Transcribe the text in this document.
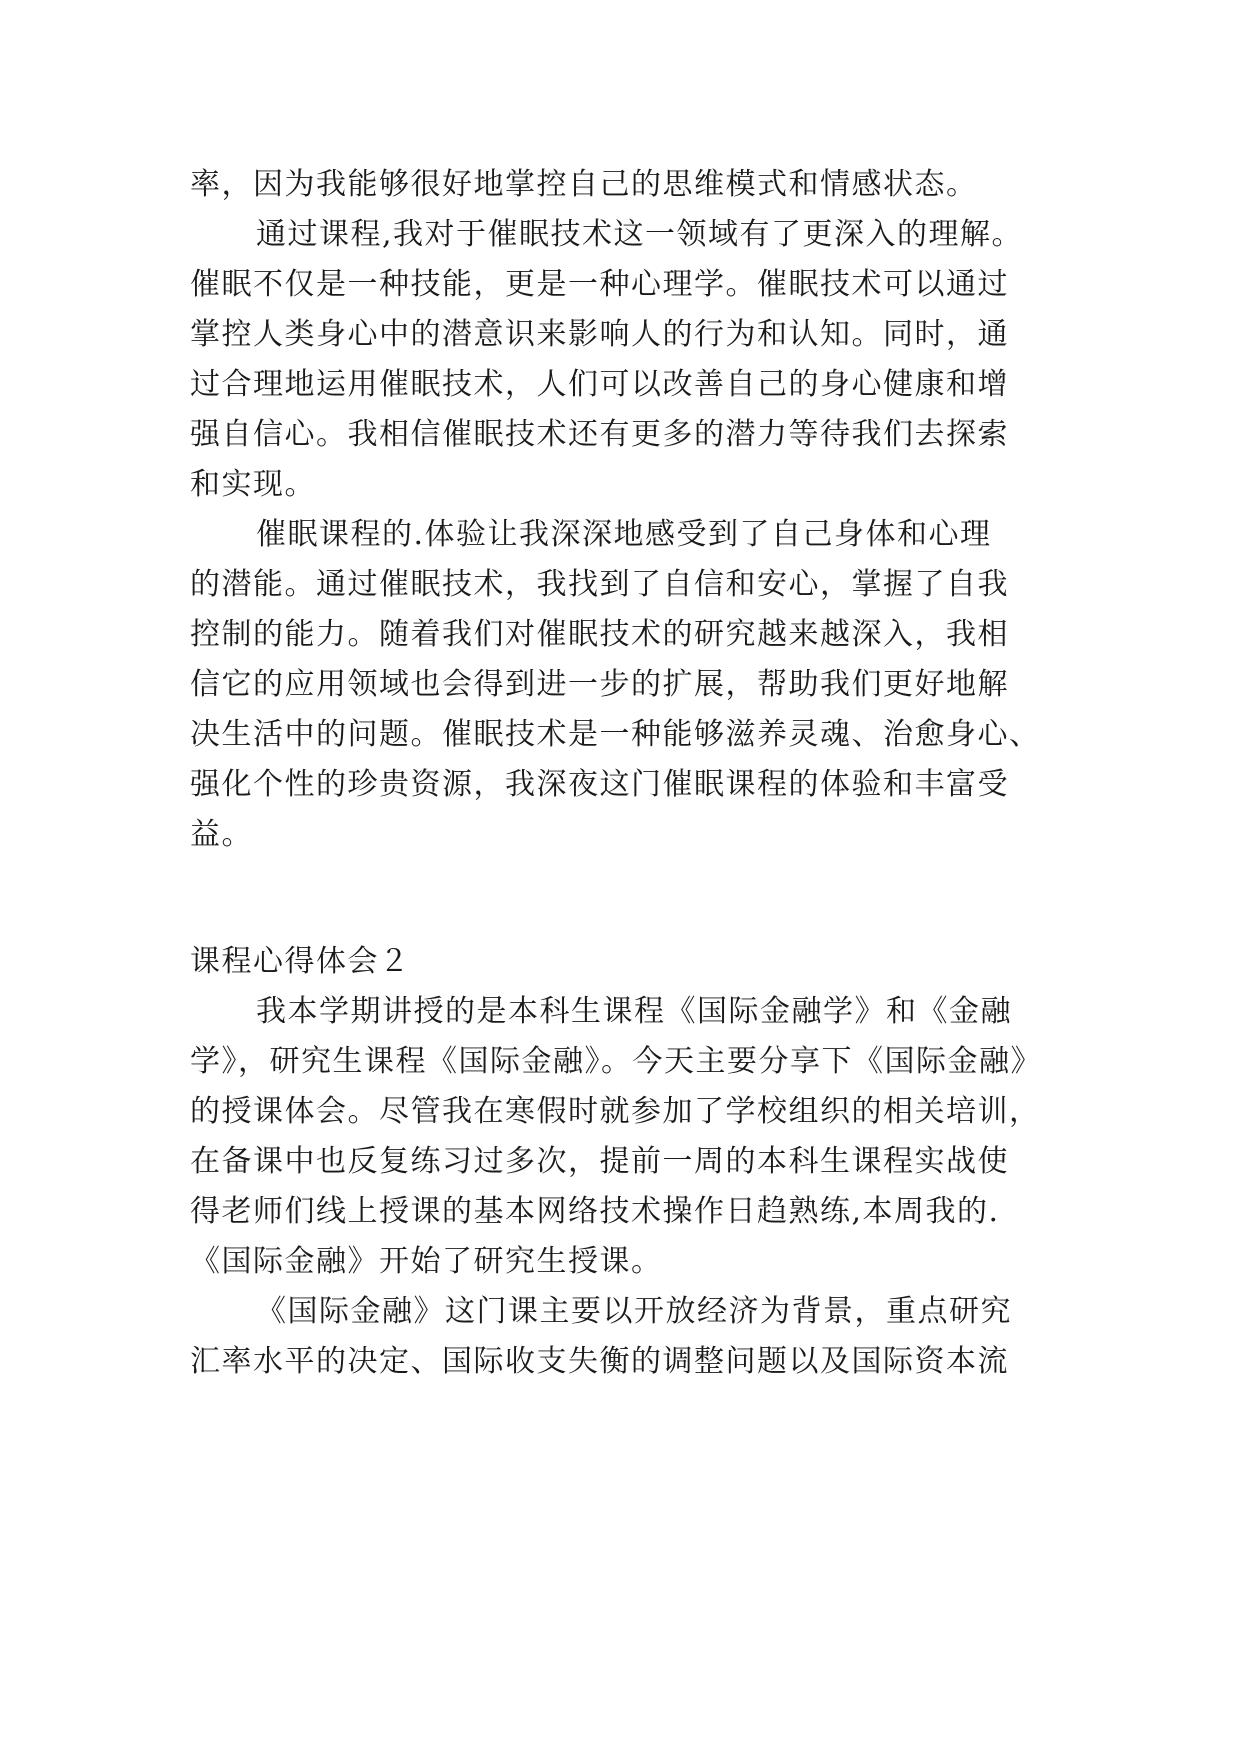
率，因为我能够很好地掌控自己的思维模式和情感状态。
通过课程,我对于催眠技术这一领域有了更深入的理解。
催眠不仅是一种技能，更是一种心理学。催眠技术可以通过
掌控人类身心中的潜意识来影响人的行为和认知。同时，通
过合理地运用催眠技术，人们可以改善自己的身心健康和增
强自信心。我相信催眠技术还有更多的潜力等待我们去探索
和实现。
催眠课程的.体验让我深深地感受到了自己身体和心理
的潜能。通过催眠技术，我找到了自信和安心，掌握了自我
控制的能力。随着我们对催眠技术的研究越来越深入，我相
信它的应用领域也会得到进一步的扩展，帮助我们更好地解
决生活中的问题。催眠技术是一种能够滋养灵魂、治愈身心、
强化个性的珍贵资源，我深夜这门催眠课程的体验和丰富受
益。
课程心得体会２
我本学期讲授的是本科生课程《国际金融学》和《金融
学》，研究生课程《国际金融》。今天主要分享下《国际金融》
的授课体会。尽管我在寒假时就参加了学校组织的相关培训，
在备课中也反复练习过多次，提前一周的本科生课程实战使
得老师们线上授课的基本网络技术操作日趋熟练,本周我的.
《国际金融》开始了研究生授课。
《国际金融》这门课主要以开放经济为背景，重点研究
汇率水平的决定、国际收支失衡的调整问题以及国际资本流
